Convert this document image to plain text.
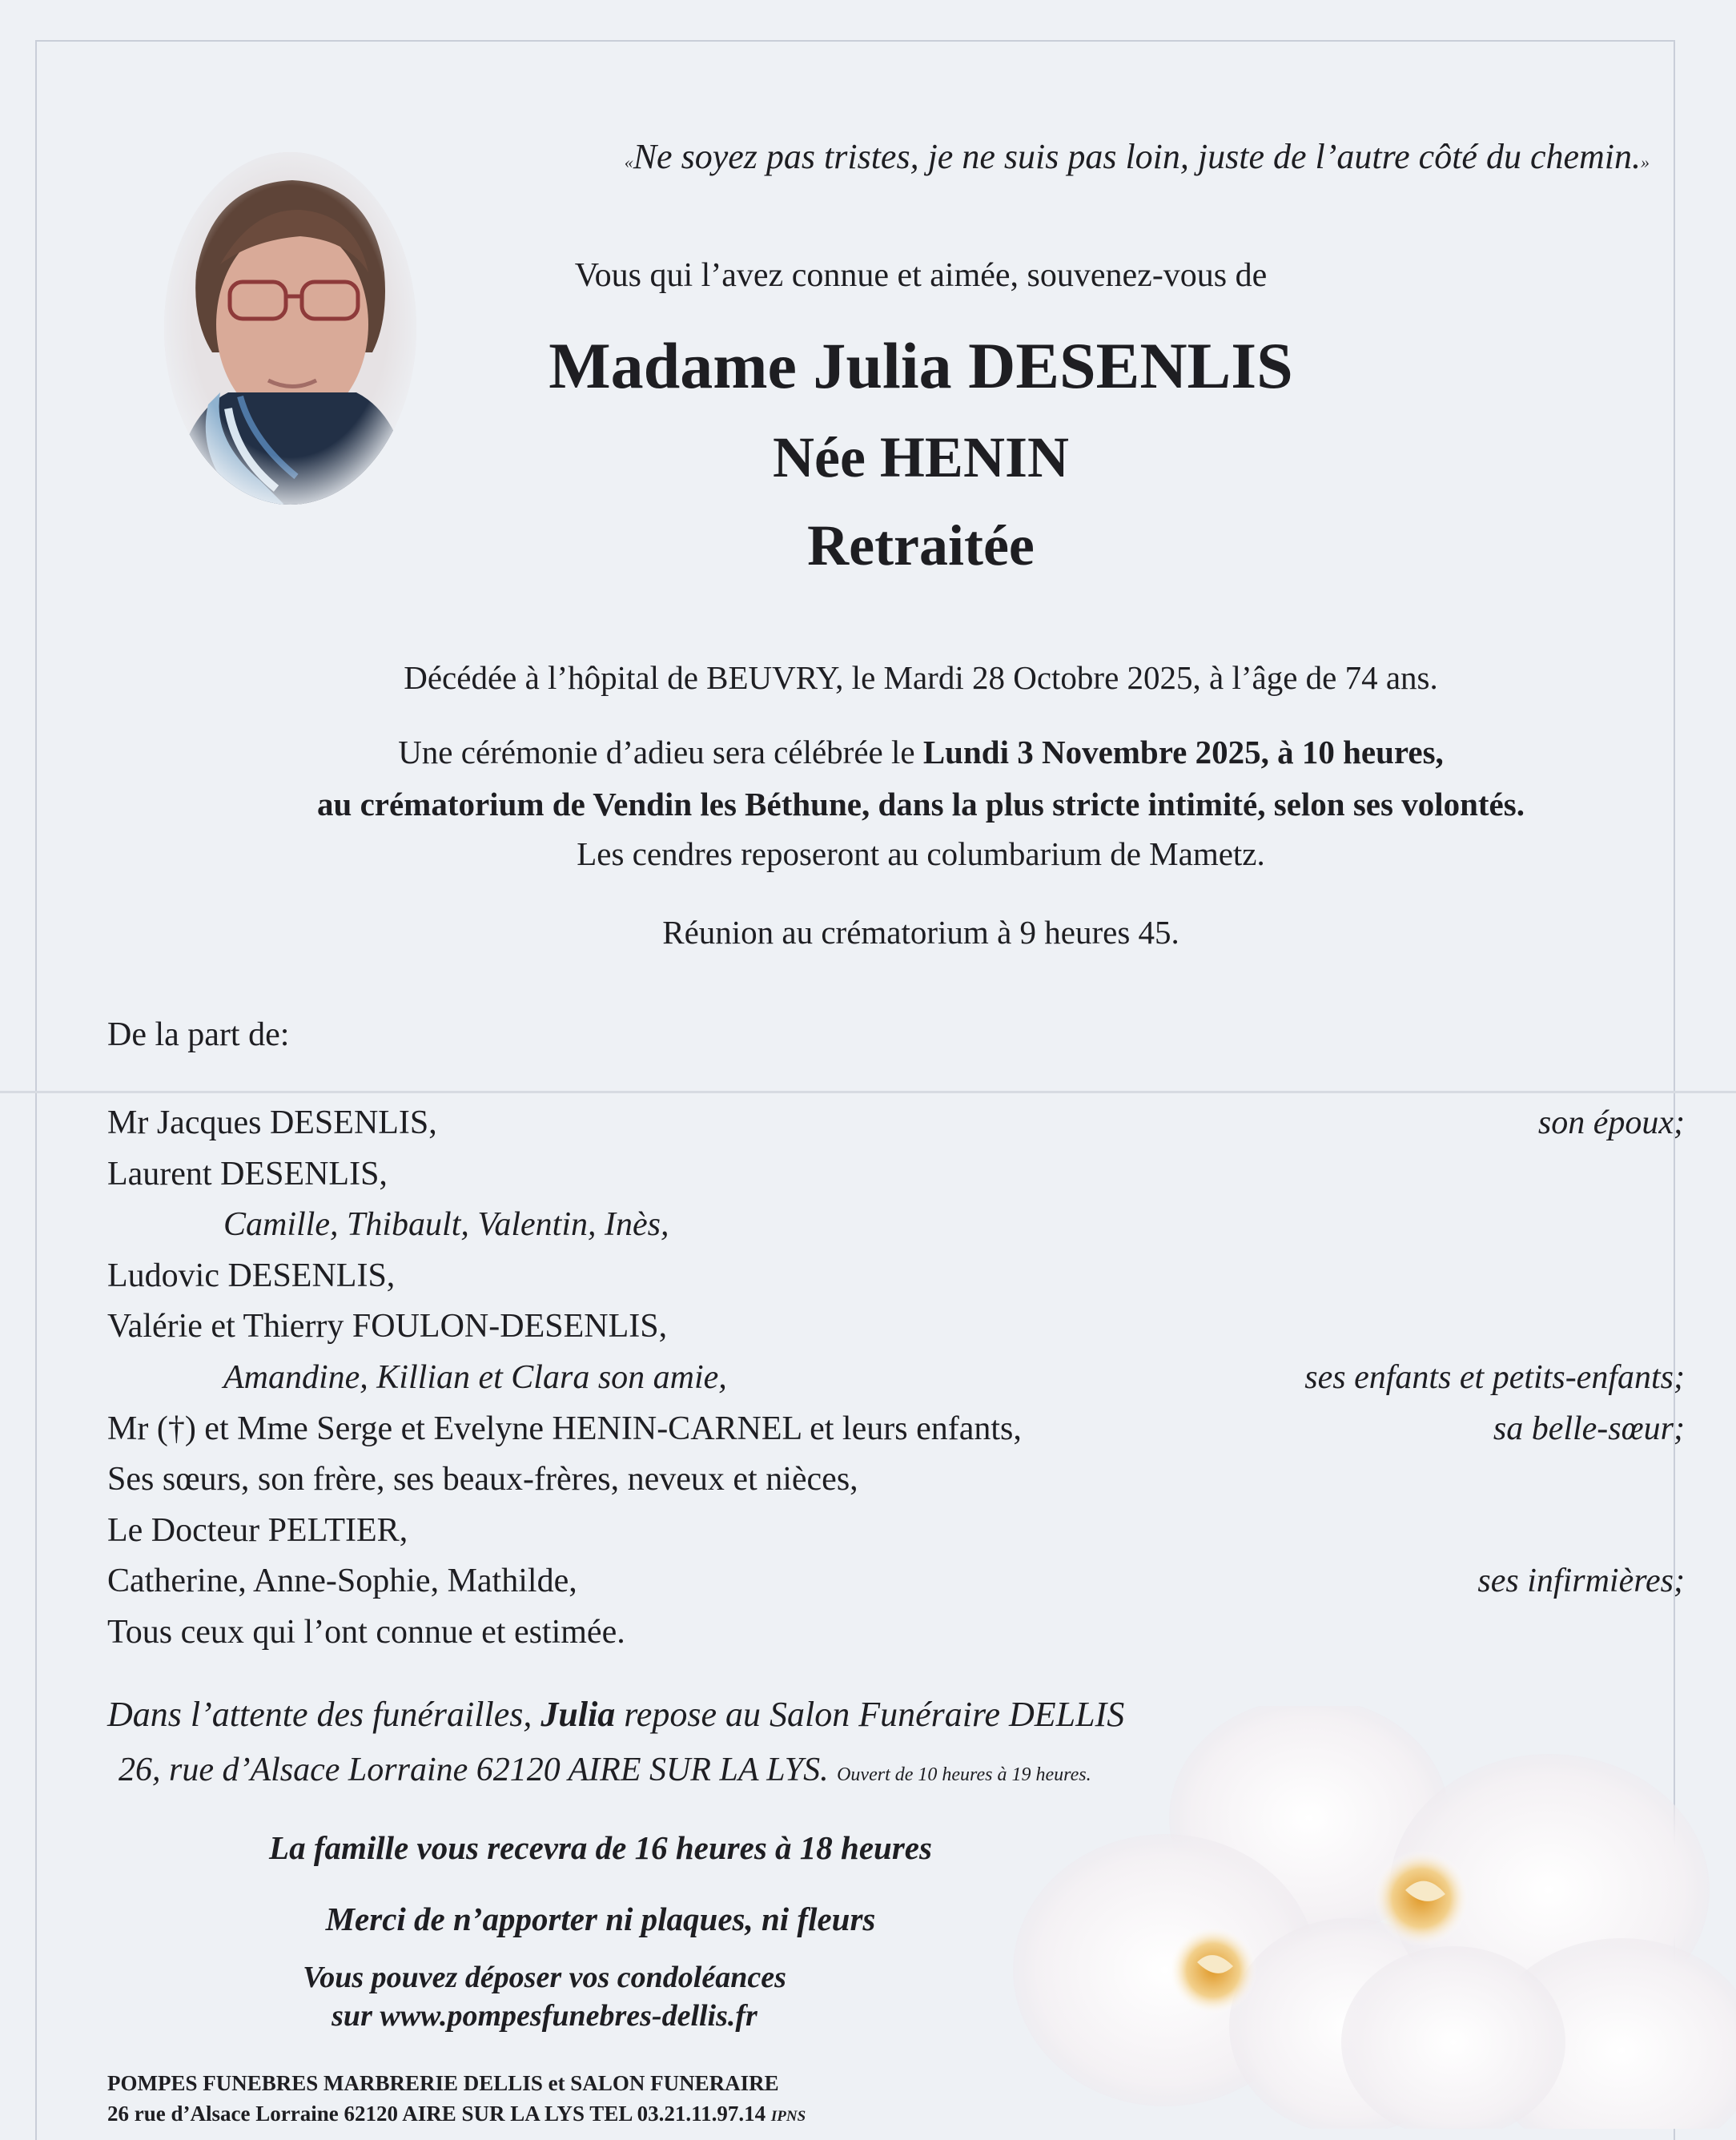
«Ne soyez pas tristes, je ne suis pas loin, juste de l’autre côté du chemin.»
Vous qui l’avez connue et aimée, souvenez-vous de
Madame Julia DESENLIS
Née HENIN
Retraitée
Décédée à l’hôpital de BEUVRY, le Mardi 28 Octobre 2025, à l’âge de 74 ans.
Une cérémonie d’adieu sera célébrée le Lundi 3 Novembre 2025, à 10 heures,
au crématorium de Vendin les Béthune, dans la plus stricte intimité, selon ses volontés.
Les cendres reposeront au columbarium de Mametz.
Réunion au crématorium à 9 heures 45.
De la part de:
Mr Jacques DESENLIS,	son époux;
Laurent DESENLIS,
Camille, Thibault, Valentin, Inès,
Ludovic DESENLIS,
Valérie et Thierry FOULON-DESENLIS,
Amandine, Killian et Clara son amie,	ses enfants et petits-enfants;
Mr (†) et Mme Serge et Evelyne HENIN-CARNEL et leurs enfants,	sa belle-sœur;
Ses sœurs, son frère, ses beaux-frères, neveux et nièces,
Le Docteur PELTIER,
Catherine, Anne-Sophie, Mathilde,	ses infirmières;
Tous ceux qui l’ont connue et estimée.
Dans l’attente des funérailles, Julia repose au Salon Funéraire DELLIS
26, rue d’Alsace Lorraine 62120 AIRE SUR LA LYS. Ouvert de 10 heures à 19 heures.
La famille vous recevra de 16 heures à 18 heures
Merci de n’apporter ni plaques, ni fleurs
Vous pouvez déposer vos condoléances
sur www.pompesfunebres-dellis.fr
POMPES FUNEBRES MARBRERIE DELLIS et SALON FUNERAIRE
26 rue d’Alsace Lorraine 62120 AIRE SUR LA LYS TEL 03.21.11.97.14 IPNS
